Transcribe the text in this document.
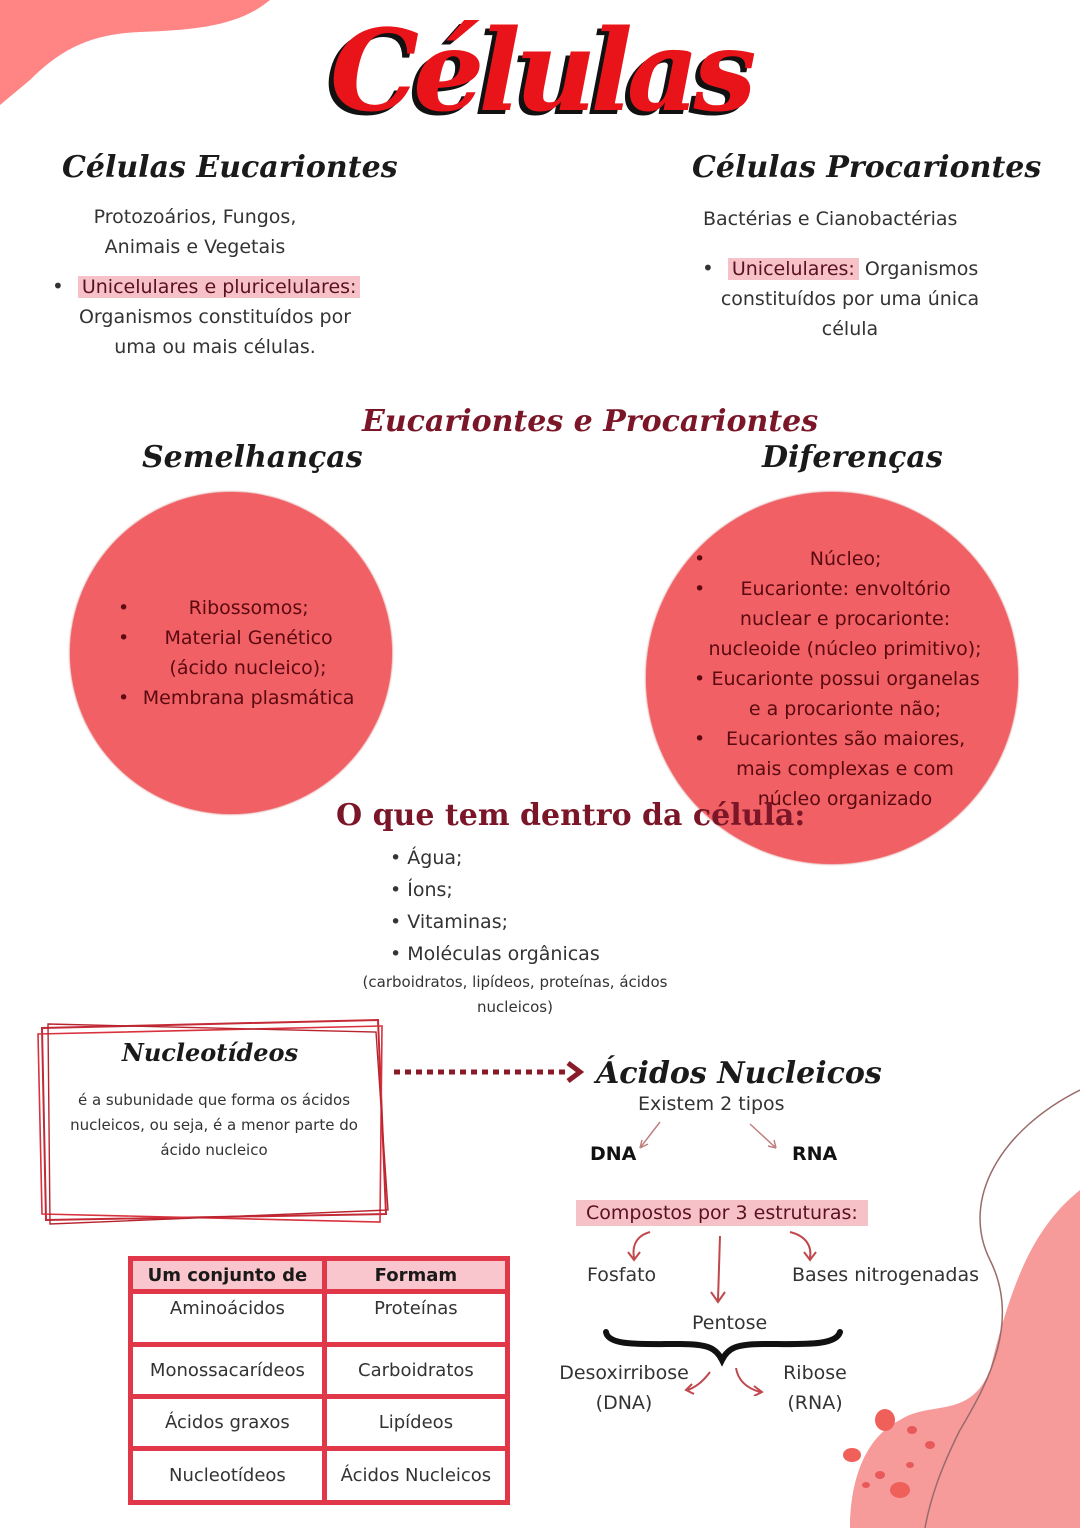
Células
Células Eucariontes
Protozoários, Fungos,
Animais e Vegetais
• Unicelulares e pluricelulares:
Organismos constituídos por
uma ou mais células.
Células Procariontes
Bactérias e Cianobactérias
• Unicelulares: Organismos
constituídos por uma única
célula
Eucariontes e Procariontes
Semelhanças	Diferenças
•	Ribossomos;
•	Material Genético
(ácido nucleico);
• Membrana plasmática
•	Núcleo;
•	Eucarionte: envoltório
nuclear e procarionte:
nucleoide (núcleo primitivo);
• Eucarionte possui organelas
e a procarionte não;
•	Eucariontes são maiores,
mais complexas e com
núcleo organizado
O que tem dentro da célula:
• Água;
• Íons;
• Vitaminas;
• Moléculas orgânicas
(carboidratos, lipídeos, proteínas, ácidos
nucleicos)
Nucleotídeos
é a subunidade que forma os ácidos
nucleicos, ou seja, é a menor parte do
ácido nucleico
Ácidos Nucleicos
Existem 2 tipos
DNA	RNA
Compostos por 3 estruturas:
Fosfato
Pentose
Bases nitrogenadas
Desoxirribose
(DNA)
Ribose
(RNA)
Um conjunto de	Formam
Aminoácidos	Proteínas
Monossacarídeos	Carboidratos
Ácidos graxos	Lipídeos
Nucleotídeos	Ácidos Nucleicos
